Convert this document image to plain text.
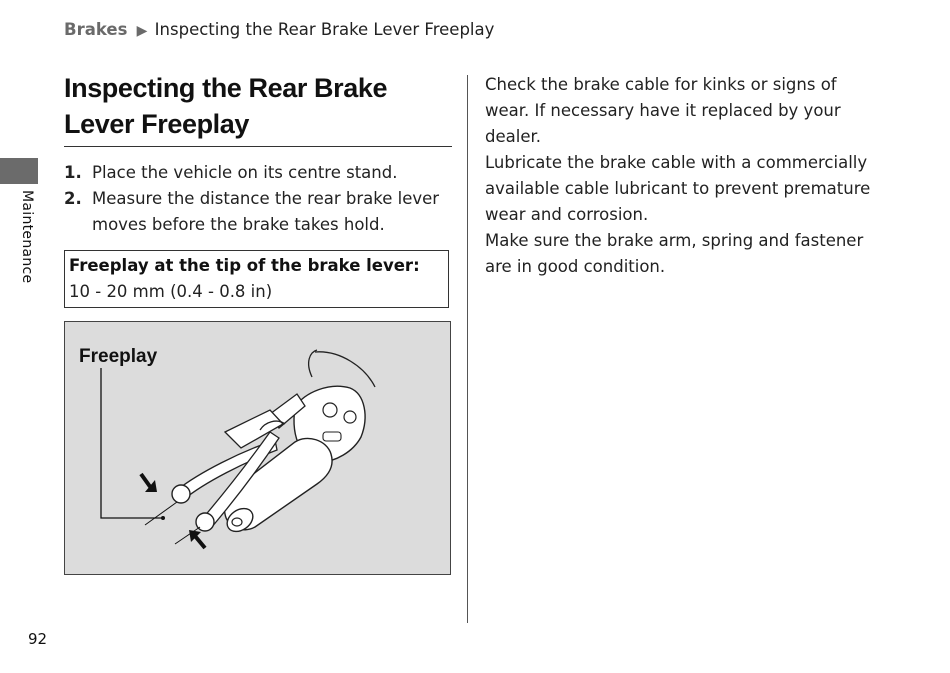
Brakes ▶ Inspecting the Rear Brake Lever Freeplay
Maintenance
Inspecting the Rear Brake Lever Freeplay
1. Place the vehicle on its centre stand.
2. Measure the distance the rear brake lever moves before the brake takes hold.
Freeplay at the tip of the brake lever:
10 - 20 mm (0.4 - 0.8 in)
Freeplay

Check the brake cable for kinks or signs of wear. If necessary have it replaced by your dealer.

Lubricate the brake cable with a commercially available cable lubricant to prevent premature wear and corrosion.

Make sure the brake arm, spring and fastener are in good condition.

92
